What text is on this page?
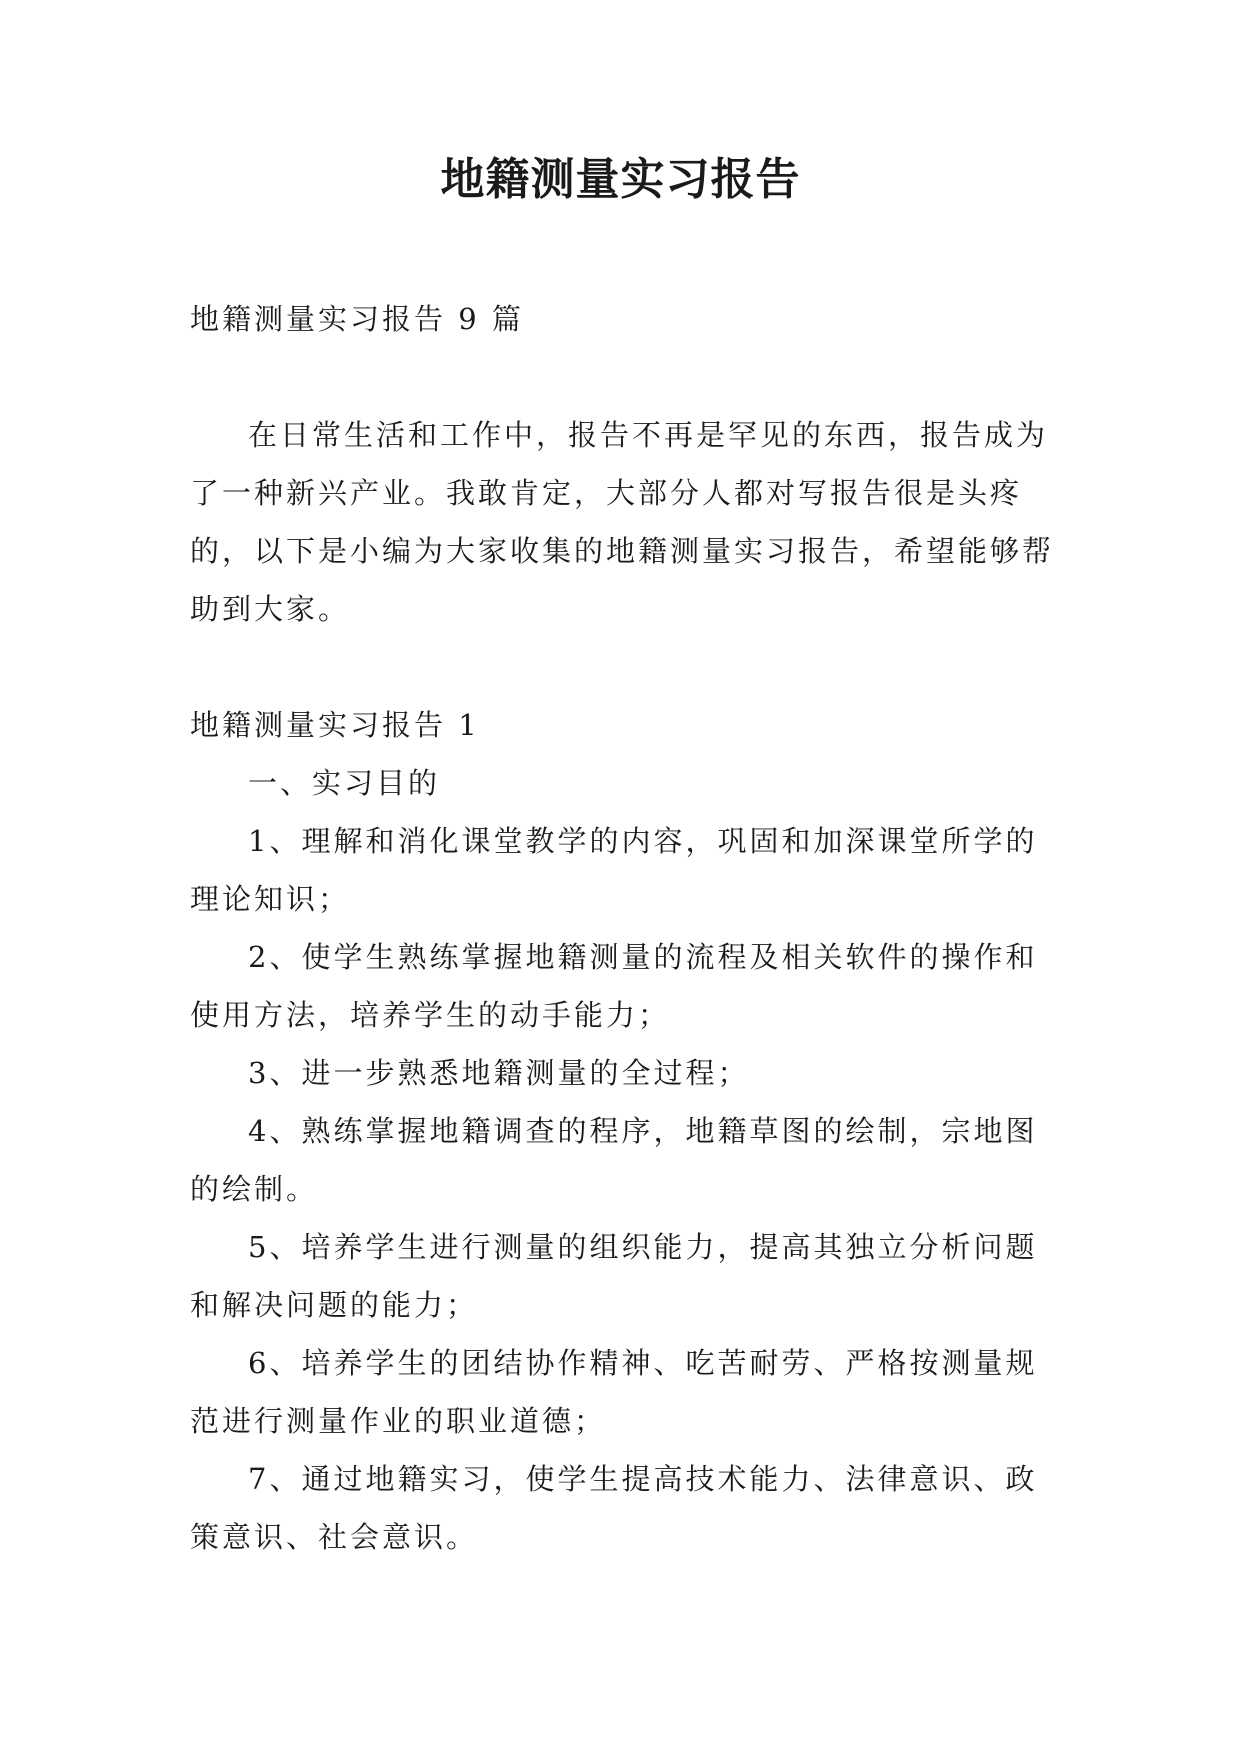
地籍测量实习报告

地籍测量实习报告 9 篇

在日常生活和工作中，报告不再是罕见的东西，报告成为了一种新兴产业。我敢肯定，大部分人都对写报告很是头疼的，以下是小编为大家收集的地籍测量实习报告，希望能够帮助到大家。

地籍测量实习报告 1

一、实习目的

1、理解和消化课堂教学的内容，巩固和加深课堂所学的理论知识；

2、使学生熟练掌握地籍测量的流程及相关软件的操作和使用方法，培养学生的动手能力；

3、进一步熟悉地籍测量的全过程；

4、熟练掌握地籍调查的程序，地籍草图的绘制，宗地图的绘制。

5、培养学生进行测量的组织能力，提高其独立分析问题和解决问题的能力；

6、培养学生的团结协作精神、吃苦耐劳、严格按测量规范进行测量作业的职业道德；

7、通过地籍实习，使学生提高技术能力、法律意识、政策意识、社会意识。
